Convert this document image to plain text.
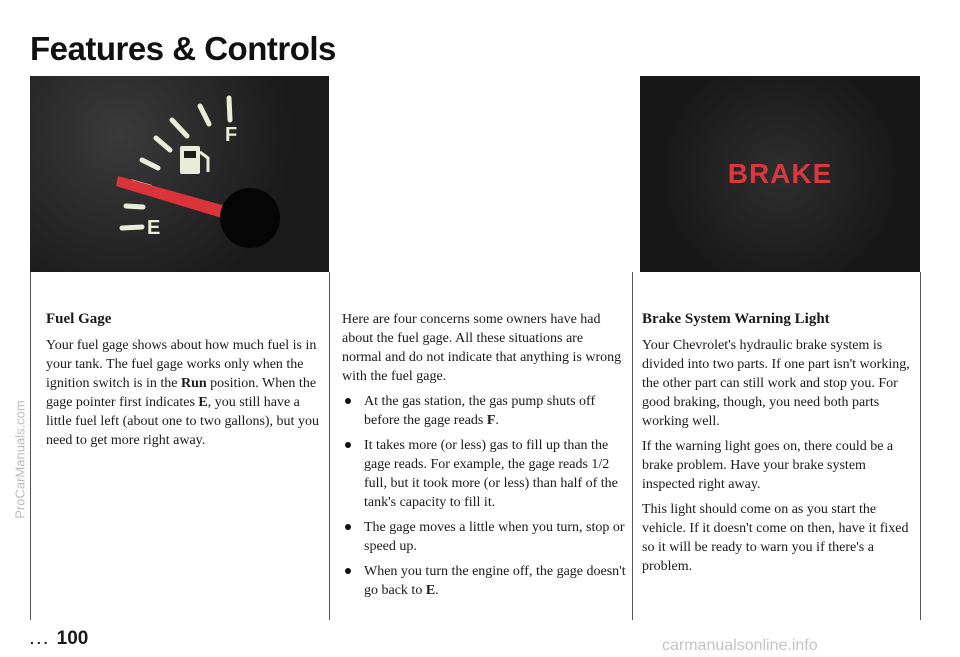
Features & Controls
ProCarManuals.com
F
E
BRAKE
Fuel Gage

Your fuel gage shows about how much fuel is in your tank. The fuel gage works only when the ignition switch is in the Run position. When the gage pointer first indicates E, you still have a little fuel left (about one to two gallons), but you need to get more right away.

Here are four concerns some owners have had about the fuel gage. All these situations are normal and do not indicate that anything is wrong with the fuel gage.

At the gas station, the gas pump shuts off before the gage reads F.
It takes more (or less) gas to fill up than the gage reads. For example, the gage reads 1/2 full, but it took more (or less) than half of the tank's capacity to fill it.
The gage moves a little when you turn, stop or speed up.
When you turn the engine off, the gage doesn't go back to E.
Brake System Warning Light

Your Chevrolet's hydraulic brake system is divided into two parts. If one part isn't working, the other part can still work and stop you. For good braking, though, you need both parts working well.

If the warning light goes on, there could be a brake problem. Have your brake system inspected right away.

This light should come on as you start the vehicle. If it doesn't come on then, have it fixed so it will be ready to warn you if there's a problem.

... 100	carmanualsonline.info
